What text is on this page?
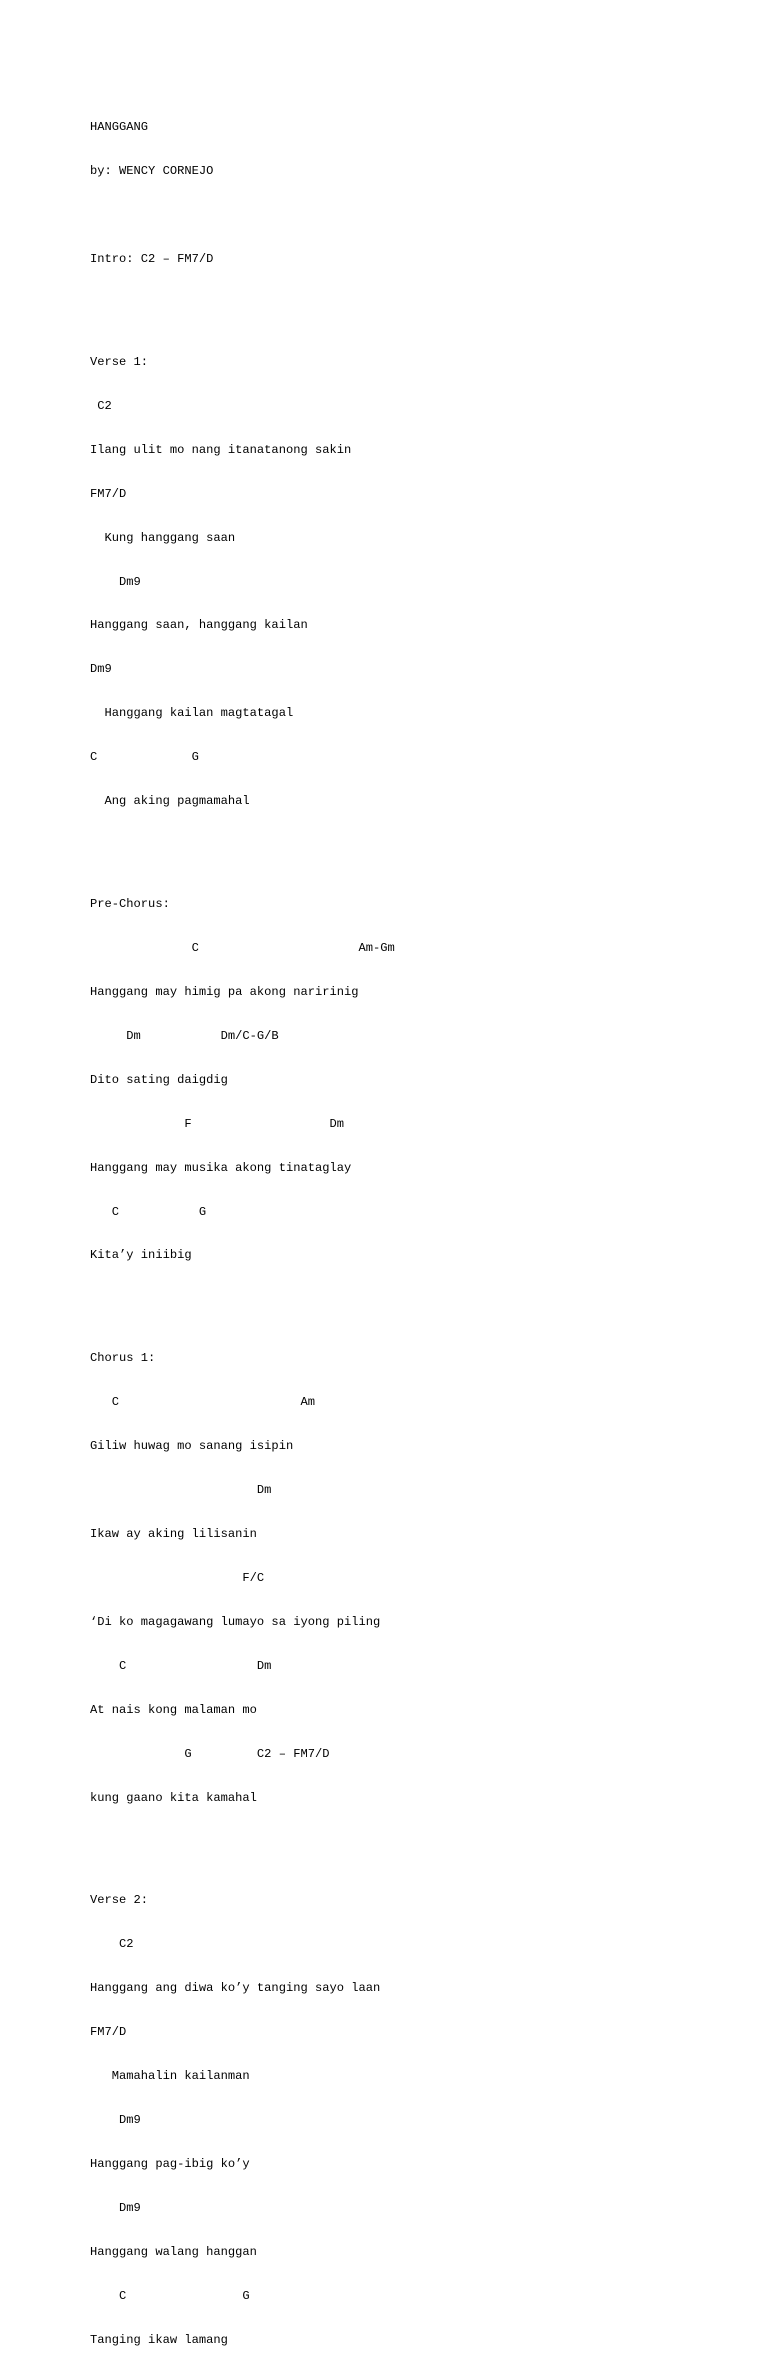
HANGGANG

by: WENCY CORNEJO

Intro: C2 – FM7/D

Verse 1:

C2

Ilang ulit mo nang itanatanong sakin

FM7/D

Kung hanggang saan

Dm9

Hanggang saan, hanggang kailan

Dm9

Hanggang kailan magtatagal

C             G

Ang aking pagmamahal

Pre-Chorus:

C                      Am-Gm

Hanggang may himig pa akong naririnig

Dm           Dm/C-G/B

Dito sating daigdig

F                   Dm

Hanggang may musika akong tinataglay

C           G

Kita’y iniibig

Chorus 1:

C                         Am

Giliw huwag mo sanang isipin

Dm

Ikaw ay aking lilisanin

F/C

‘Di ko magagawang lumayo sa iyong piling

C                  Dm

At nais kong malaman mo

G         C2 – FM7/D

kung gaano kita kamahal

Verse 2:

C2

Hanggang ang diwa ko’y tanging sayo laan

FM7/D

Mamahalin kailanman

Dm9

Hanggang pag-ibig ko’y

Dm9

Hanggang walang hanggan

C                G

Tanging ikaw lamang
